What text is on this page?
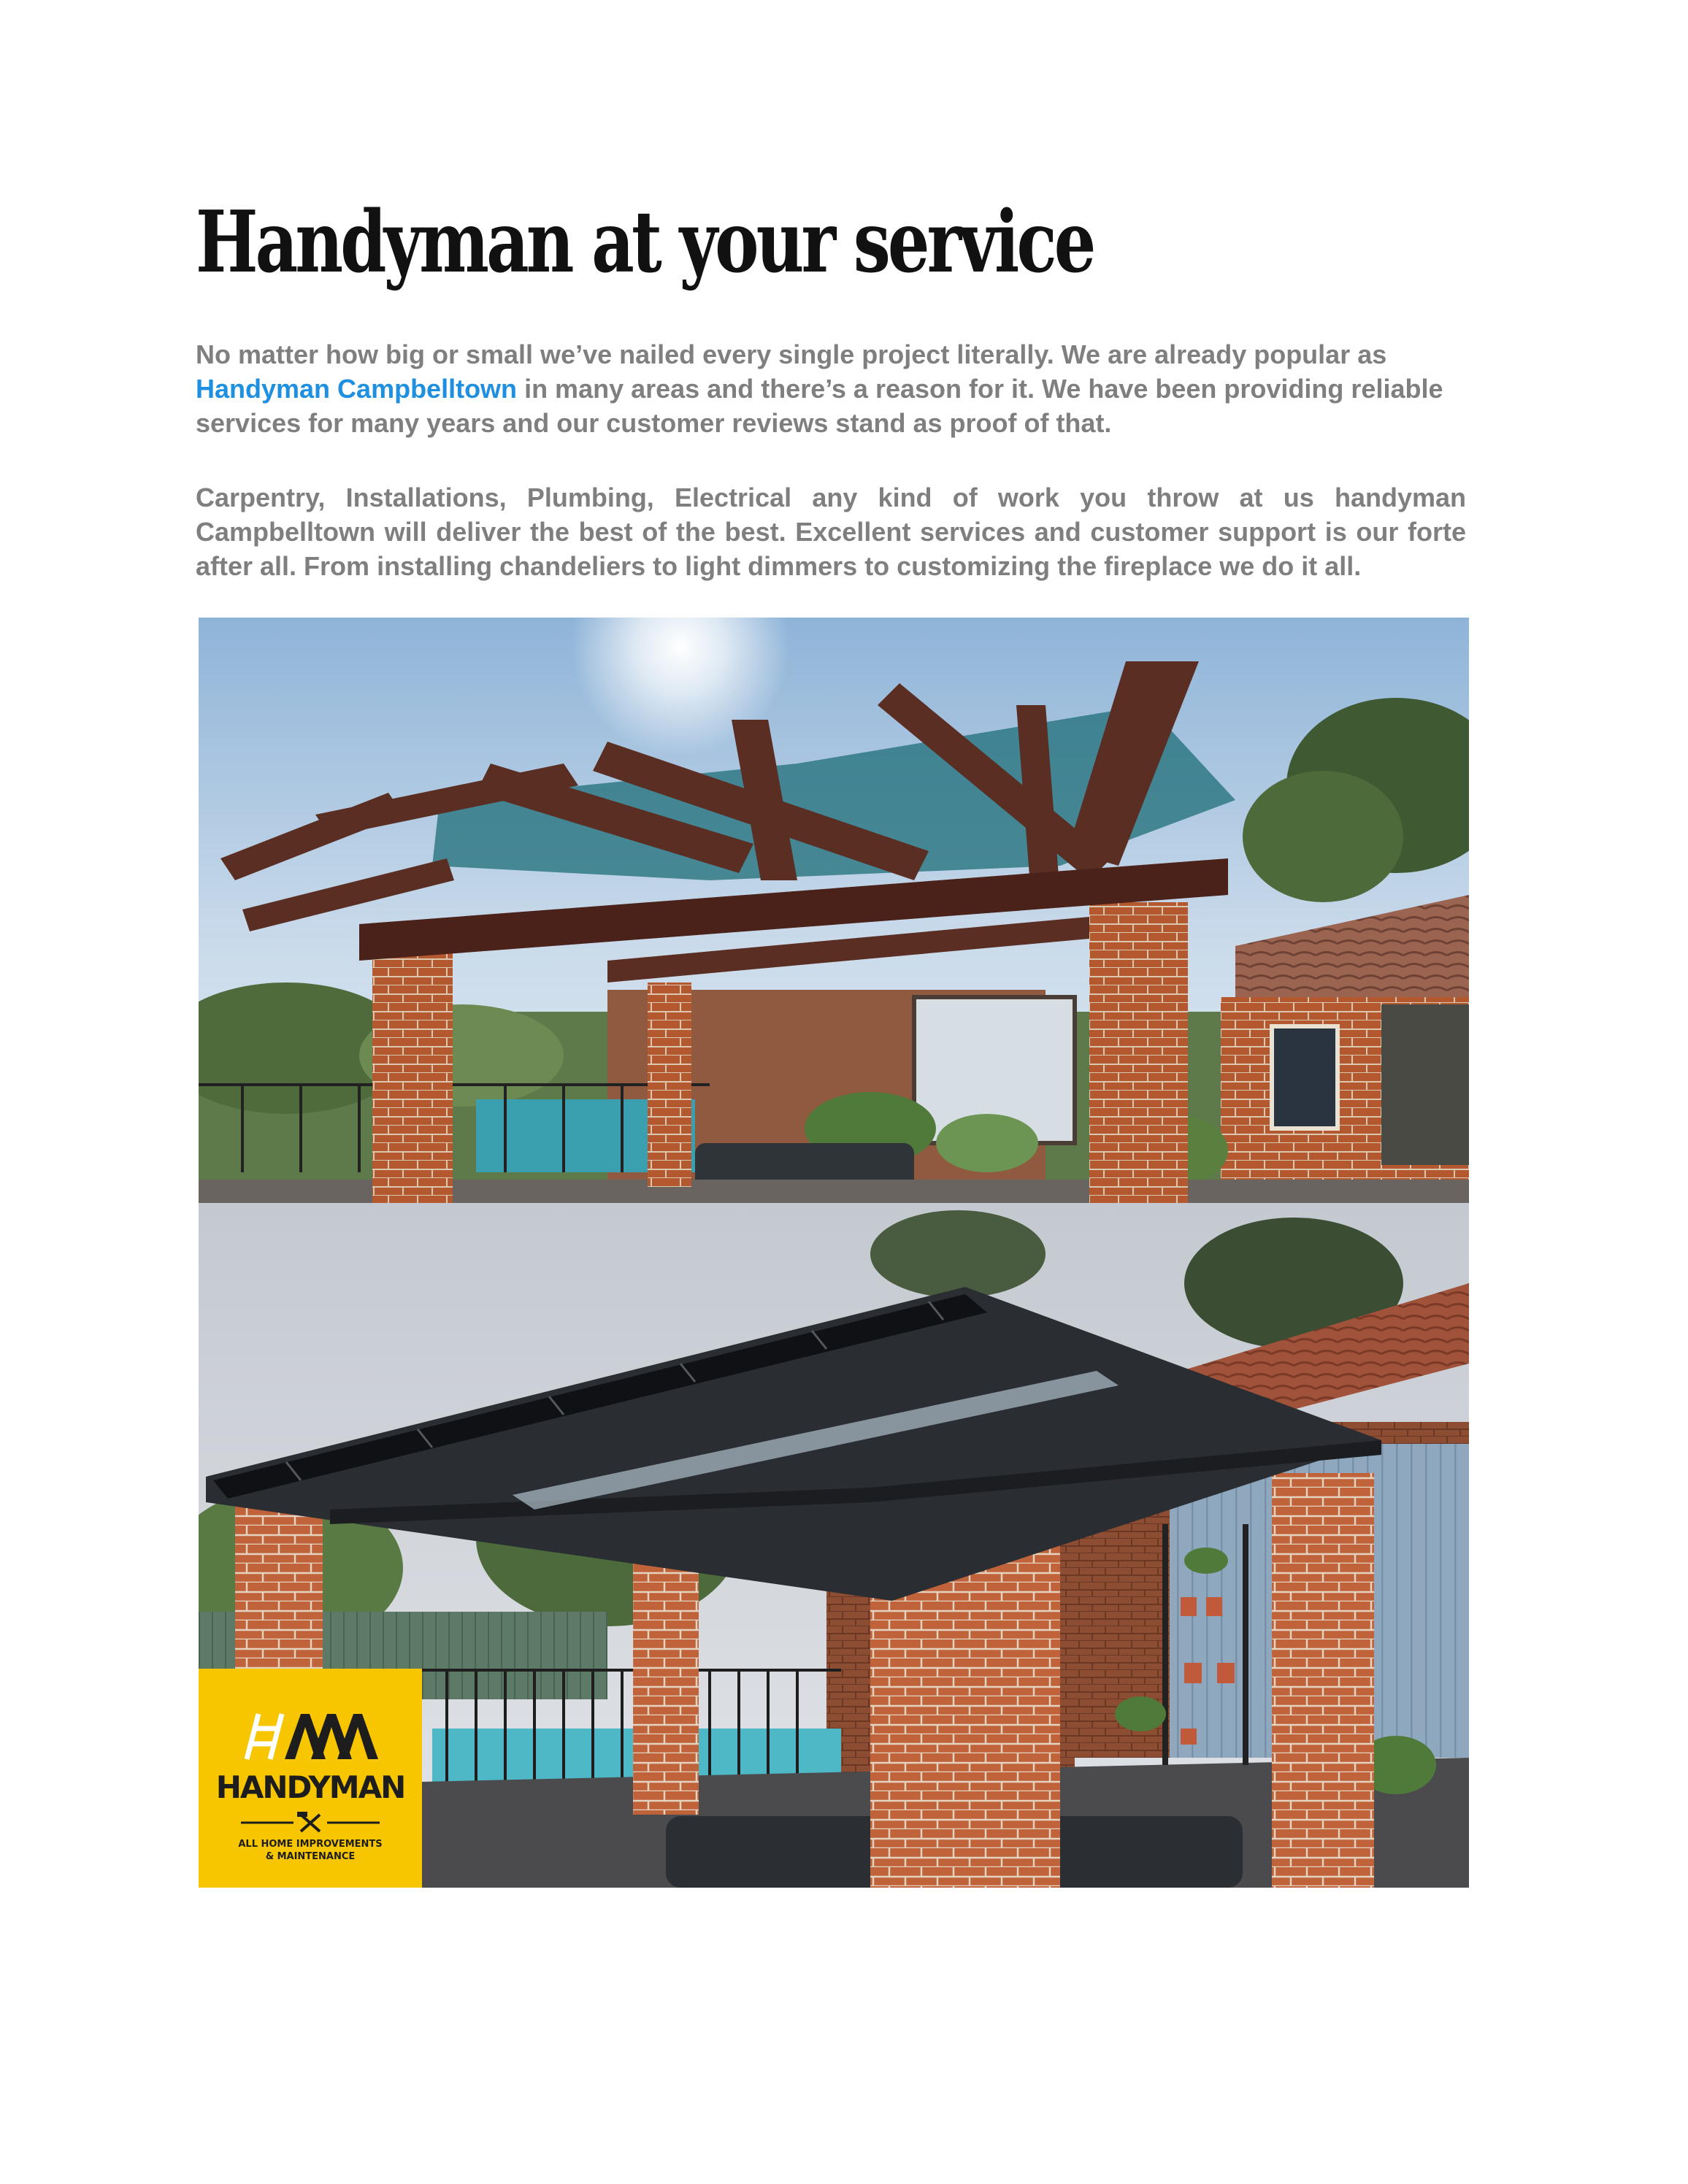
Handyman at your service

No matter how big or small we’ve nailed every single project literally. We are already popular as Handyman Campbelltown in many areas and there’s a reason for it. We have been providing reliable services for many years and our customer reviews stand as proof of that.

Carpentry, Installations, Plumbing, Electrical any kind of work you throw at us handyman Campbelltown will deliver the best of the best. Excellent services and customer support is our forte after all. From installing chandeliers to light dimmers to customizing the fireplace we do it all.

HANDYMAN
ALL HOME IMPROVEMENTS
& MAINTENANCE
